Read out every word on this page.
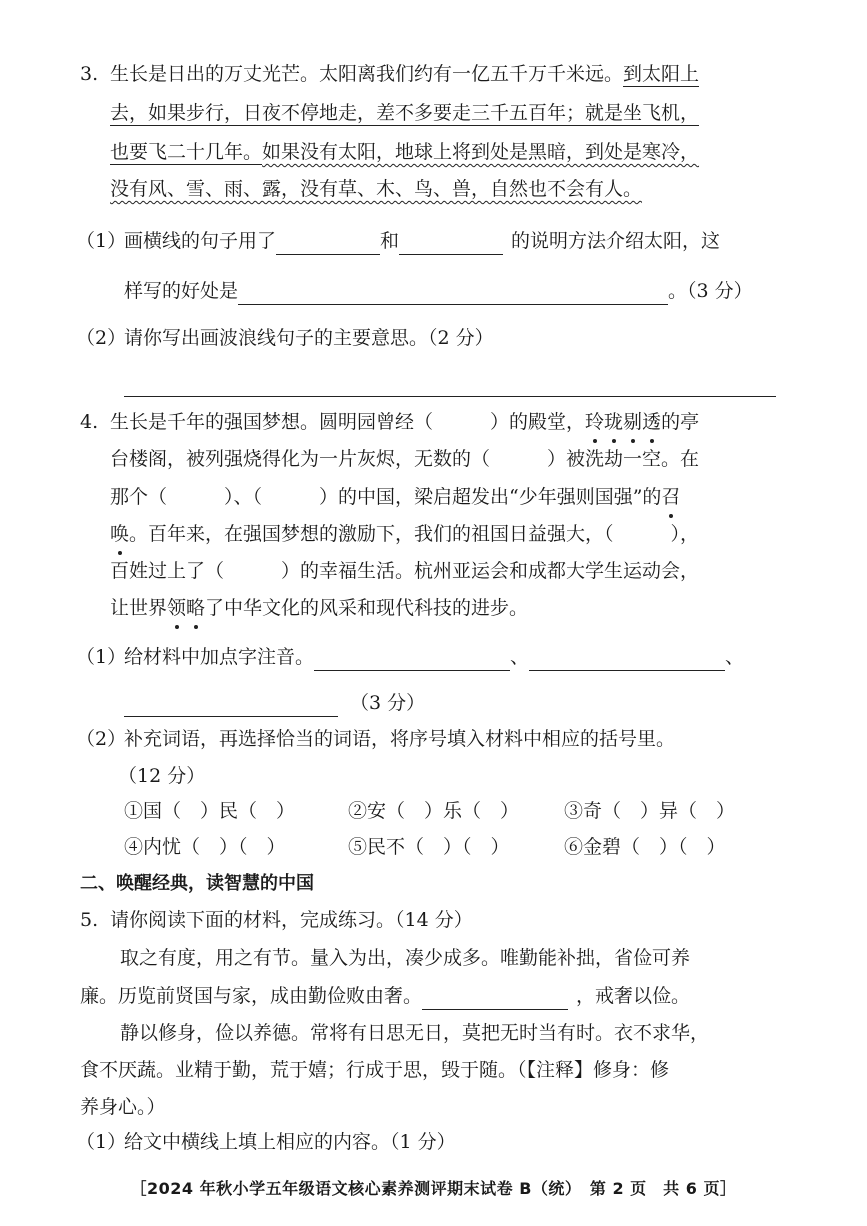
3. 生长是日出的万丈光芒。太阳离我们约有一亿五千万千米远。到太阳上
去，如果步行，日夜不停地走，差不多要走三千五百年；就是坐飞机，
也要飞二十几年。如果没有太阳，地球上将到处是黑暗，到处是寒冷，
没有风、雪、雨、露，没有草、木、鸟、兽，自然也不会有人。
（1）
画横线的句子用了	和	的说明方法介绍太阳，这
样写的好处是	。（3 分）
（2）
请你写出画波浪线句子的主要意思。（2 分）
4. 生长是千年的强国梦想。圆明园曾经（　　　）的殿堂，玲珑剔透的亭
台楼阁，被列强烧得化为一片灰烬，无数的（　　　）被洗劫一空。在
那个（　　　）、（　　　）的中国，梁启超发出“少年强则国强”的召
唤。百年来，在强国梦想的激励下，我们的祖国日益强大，（　　　），
百姓过上了（　　　）的幸福生活。杭州亚运会和成都大学生运动会，
让世界领略了中华文化的风采和现代科技的进步。
（1）
给材料中加点字注音。	、	、
（3 分）
（2）
补充词语，再选择恰当的词语，将序号填入材料中相应的括号里。
（12 分）
①国（　）民（　）	②安（　）乐（　） ③奇（　）异（　）
④内忧（　）（　）	⑤民不（　）（　）	⑥金碧（　）（　）
二、唤醒经典，读智慧的中国
5. 请你阅读下面的材料，完成练习。（14 分）
取之有度，用之有节。量入为出，凑少成多。唯勤能补拙，省俭可养
廉。历览前贤国与家，成由勤俭败由奢。	，戒奢以俭。
静以修身，俭以养德。常将有日思无日，莫把无时当有时。衣不求华，
食不厌蔬。业精于勤，荒于嬉；行成于思，毁于随。（【注释】修身：修
养身心。）
（1）
给文中横线上填上相应的内容。（1 分）
［2024 年秋小学五年级语文核心素养测评期末试卷 B（统）　第 2 页　共 6 页］
